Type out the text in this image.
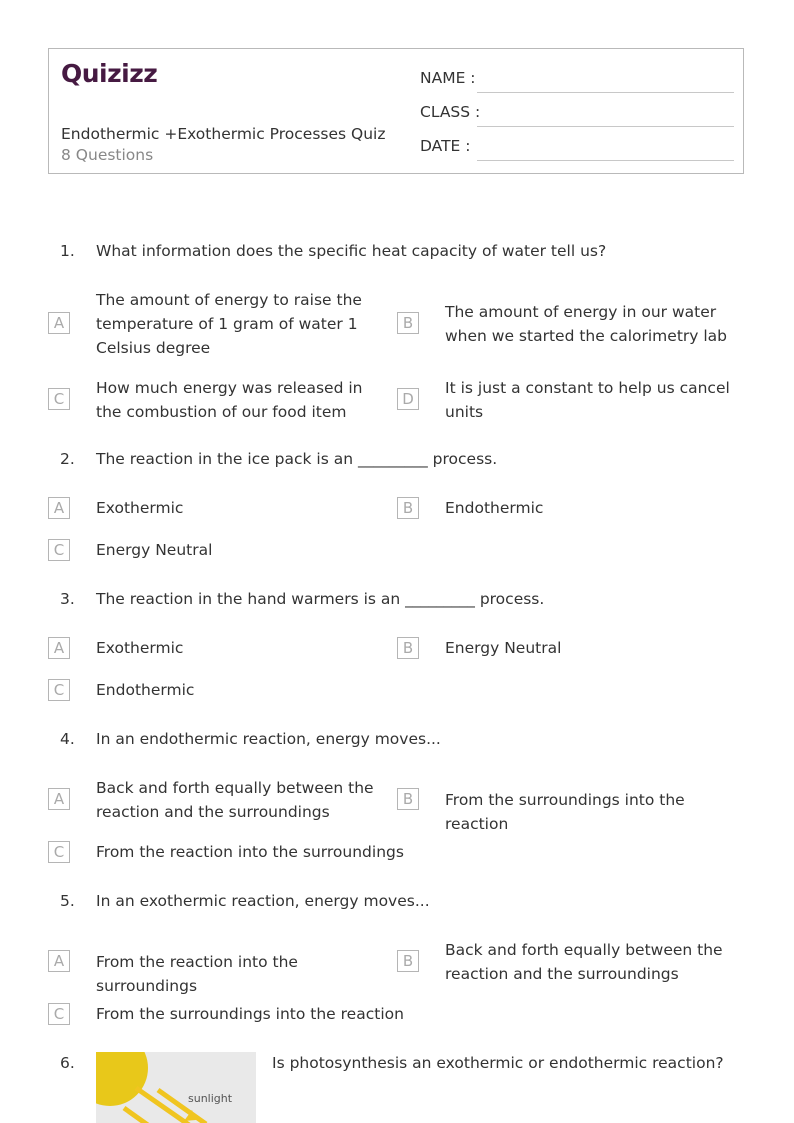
Quizizz
Endothermic +Exothermic Processes Quiz
8 Questions
NAME :
CLASS :
DATE :
1. What information does the specific heat capacity of water tell us?
A
The amount of energy to raise the temperature of 1 gram of water 1 Celsius degree
B
The amount of energy in our water when we started the calorimetry lab
C
How much energy was released in the combustion of our food item
D
It is just a constant to help us cancel units
2. The reaction in the ice pack is an _________ process.
A	Exothermic	B	Endothermic
C	Energy Neutral
3. The reaction in the hand warmers is an _________ process.
A	Exothermic	B	Energy Neutral
C	Endothermic
4. In an endothermic reaction, energy moves...
A
Back and forth equally between the reaction and the surroundings
B	From the surroundings into the reaction
C	From the reaction into the surroundings
5. In an exothermic reaction, energy moves...
A	From the reaction into the surroundings
B
Back and forth equally between the reaction and the surroundings
C	From the surroundings into the reaction
6.
sunlight
Is photosynthesis an exothermic or endothermic reaction?
